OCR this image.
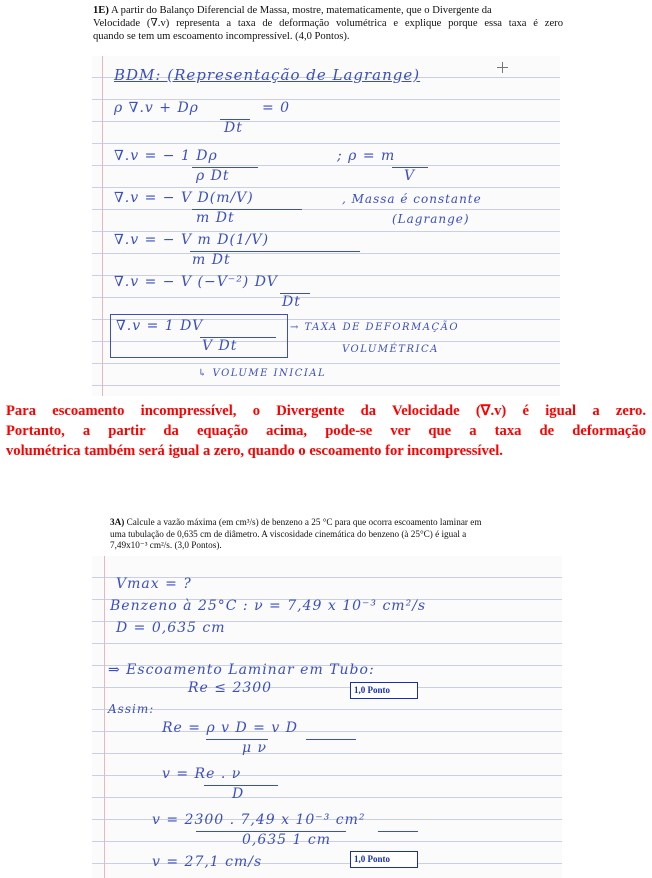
1E) A partir do Balanço Diferencial de Massa, mostre, matematicamente, que o Divergente da
Velocidade (∇.v) representa a taxa de deformação volumétrica e explique porque essa taxa é zero
quando se tem um escoamento incompressível. (4,0 Pontos).
BDM: (Representação de Lagrange)
ρ ∇.v + Dρ	= 0
Dt
∇.v = − 1 Dρ
ρ Dt
; ρ = m
V
∇.v = − V D(m/V)
m Dt
, Massa é constante
(Lagrange)
∇.v = − V m D(1/V)
m Dt
∇.v = − V (−V⁻²) DV
Dt
∇.v = 1 DV
V Dt
→ TAXA DE DEFORMAÇÃO
VOLUMÉTRICA
↳ VOLUME INICIAL
Para escoamento incompressível, o Divergente da Velocidade (∇.v) é igual a zero.
Portanto, a partir da equação acima, pode-se ver que a taxa de deformação
volumétrica também será igual a zero, quando o escoamento for incompressível.
3A) Calcule a vazão máxima (em cm³/s) de benzeno a 25 °C para que ocorra escoamento laminar em
uma tubulação de 0,635 cm de diâmetro. A viscosidade cinemática do benzeno (à 25°C) é igual a
7,49x10⁻³ cm²/s. (3,0 Pontos).
Vmax = ?
Benzeno à 25°C : ν = 7,49 x 10⁻³ cm²/s
D = 0,635 cm
⇒ Escoamento Laminar em Tubo:
Re ≤ 2300
Assim:
Re = ρ v D = v D
μ ν
v = Re . ν
D
v = 2300 . 7,49 x 10⁻³ cm²
0,635 1 cm
v = 27,1 cm/s
1,0 Ponto
1,0 Ponto
